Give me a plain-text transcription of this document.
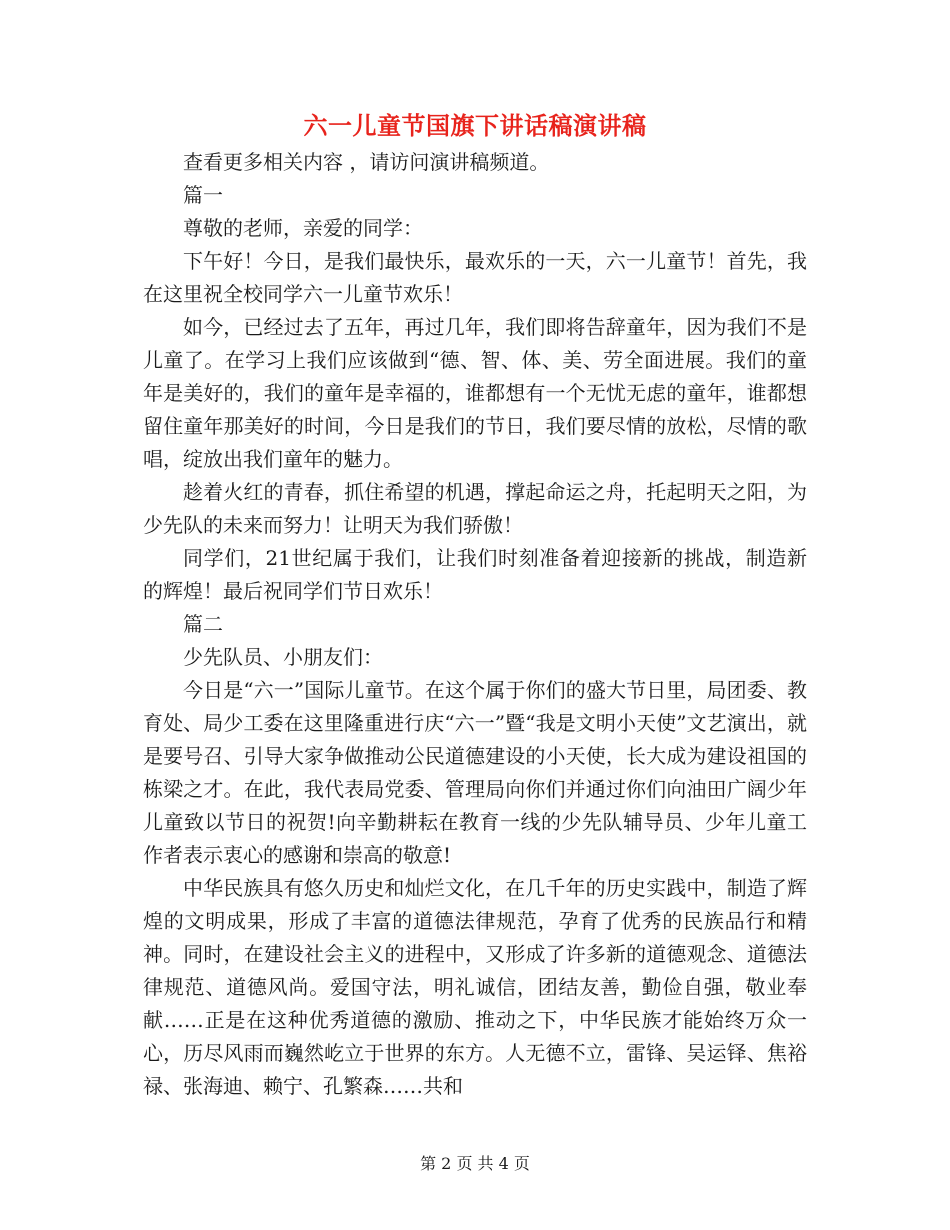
六一儿童节国旗下讲话稿演讲稿

查看更多相关内容 ，请访问演讲稿频道。

篇一

尊敬的老师，亲爱的同学：

下午好！今日，是我们最快乐，最欢乐的一天，六一儿童节！首先，我在这里祝全校同学六一儿童节欢乐！

如今，已经过去了五年，再过几年，我们即将告辞童年，因为我们不是儿童了。在学习上我们应该做到“德、智、体、美、劳全面进展。我们的童年是美好的，我们的童年是幸福的，谁都想有一个无忧无虑的童年，谁都想留住童年那美好的时间，今日是我们的节日，我们要尽情的放松，尽情的歌唱，绽放出我们童年的魅力。

趁着火红的青春，抓住希望的机遇，撑起命运之舟，托起明天之阳，为少先队的未来而努力！让明天为我们骄傲！

同学们，21世纪属于我们，让我们时刻准备着迎接新的挑战，制造新的辉煌！最后祝同学们节日欢乐！

篇二

少先队员、小朋友们：

今日是“六一”国际儿童节。在这个属于你们的盛大节日里，局团委、教育处、局少工委在这里隆重进行庆“六一”暨“我是文明小天使”文艺演出，就是要号召、引导大家争做推动公民道德建设的小天使，长大成为建设祖国的栋梁之才。在此，我代表局党委、管理局向你们并通过你们向油田广阔少年儿童致以节日的祝贺!向辛勤耕耘在教育一线的少先队辅导员、少年儿童工作者表示衷心的感谢和崇高的敬意!

中华民族具有悠久历史和灿烂文化，在几千年的历史实践中，制造了辉煌的文明成果，形成了丰富的道德法律规范，孕育了优秀的民族品行和精神。同时，在建设社会主义的进程中，又形成了许多新的道德观念、道德法律规范、道德风尚。爱国守法，明礼诚信，团结友善，勤俭自强，敬业奉献……正是在这种优秀道德的激励、推动之下，中华民族才能始终万众一心，历尽风雨而巍然屹立于世界的东方。人无德不立，雷锋、吴运铎、焦裕禄、张海迪、赖宁、孔繁森……共和

第 2 页 共 4 页
